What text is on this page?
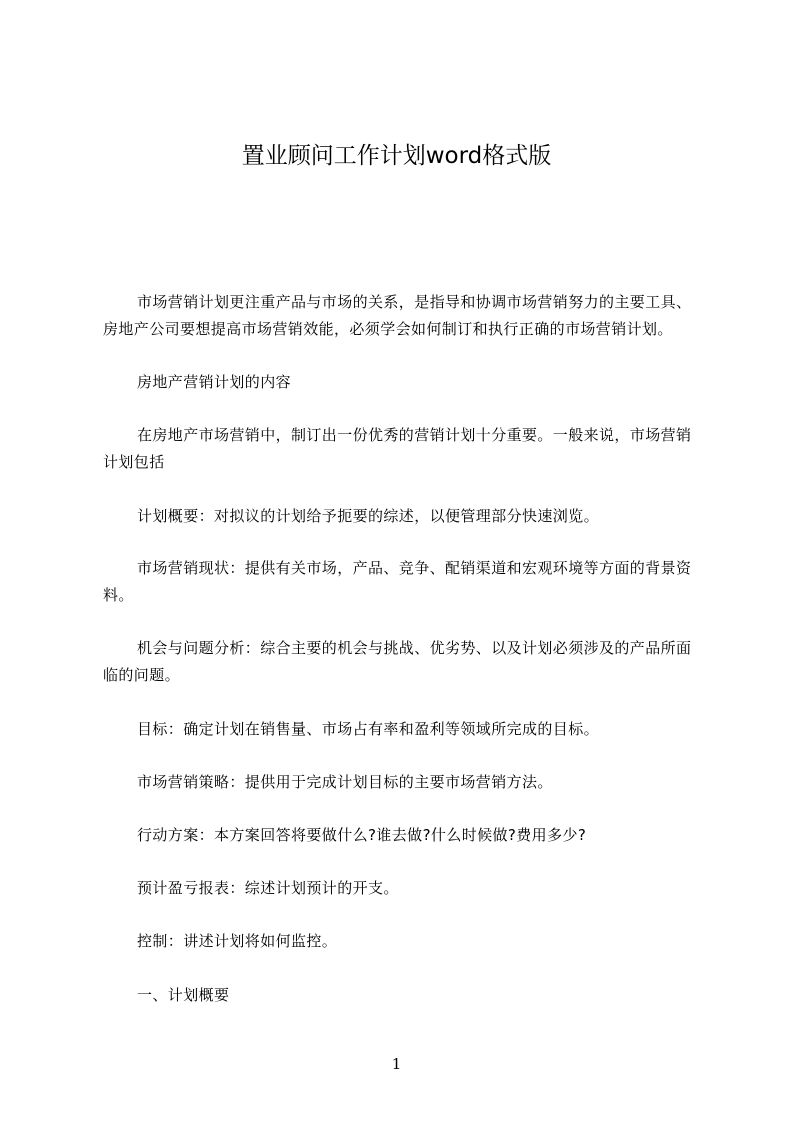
置业顾问工作计划word格式版

市场营销计划更注重产品与市场的关系，是指导和协调市场营销努力的主要工具、房地产公司要想提高市场营销效能，必须学会如何制订和执行正确的市场营销计划。

房地产营销计划的内容

在房地产市场营销中，制订出一份优秀的营销计划十分重要。一般来说，市场营销计划包括

计划概要：对拟议的计划给予扼要的综述，以便管理部分快速浏览。

市场营销现状：提供有关市场，产品、竞争、配销渠道和宏观环境等方面的背景资料。

机会与问题分析：综合主要的机会与挑战、优劣势、以及计划必须涉及的产品所面临的问题。

目标：确定计划在销售量、市场占有率和盈利等领域所完成的目标。

市场营销策略：提供用于完成计划目标的主要市场营销方法。

行动方案：本方案回答将要做什么?谁去做?什么时候做?费用多少?

预计盈亏报表：综述计划预计的开支。

控制：讲述计划将如何监控。

一、计划概要

1
